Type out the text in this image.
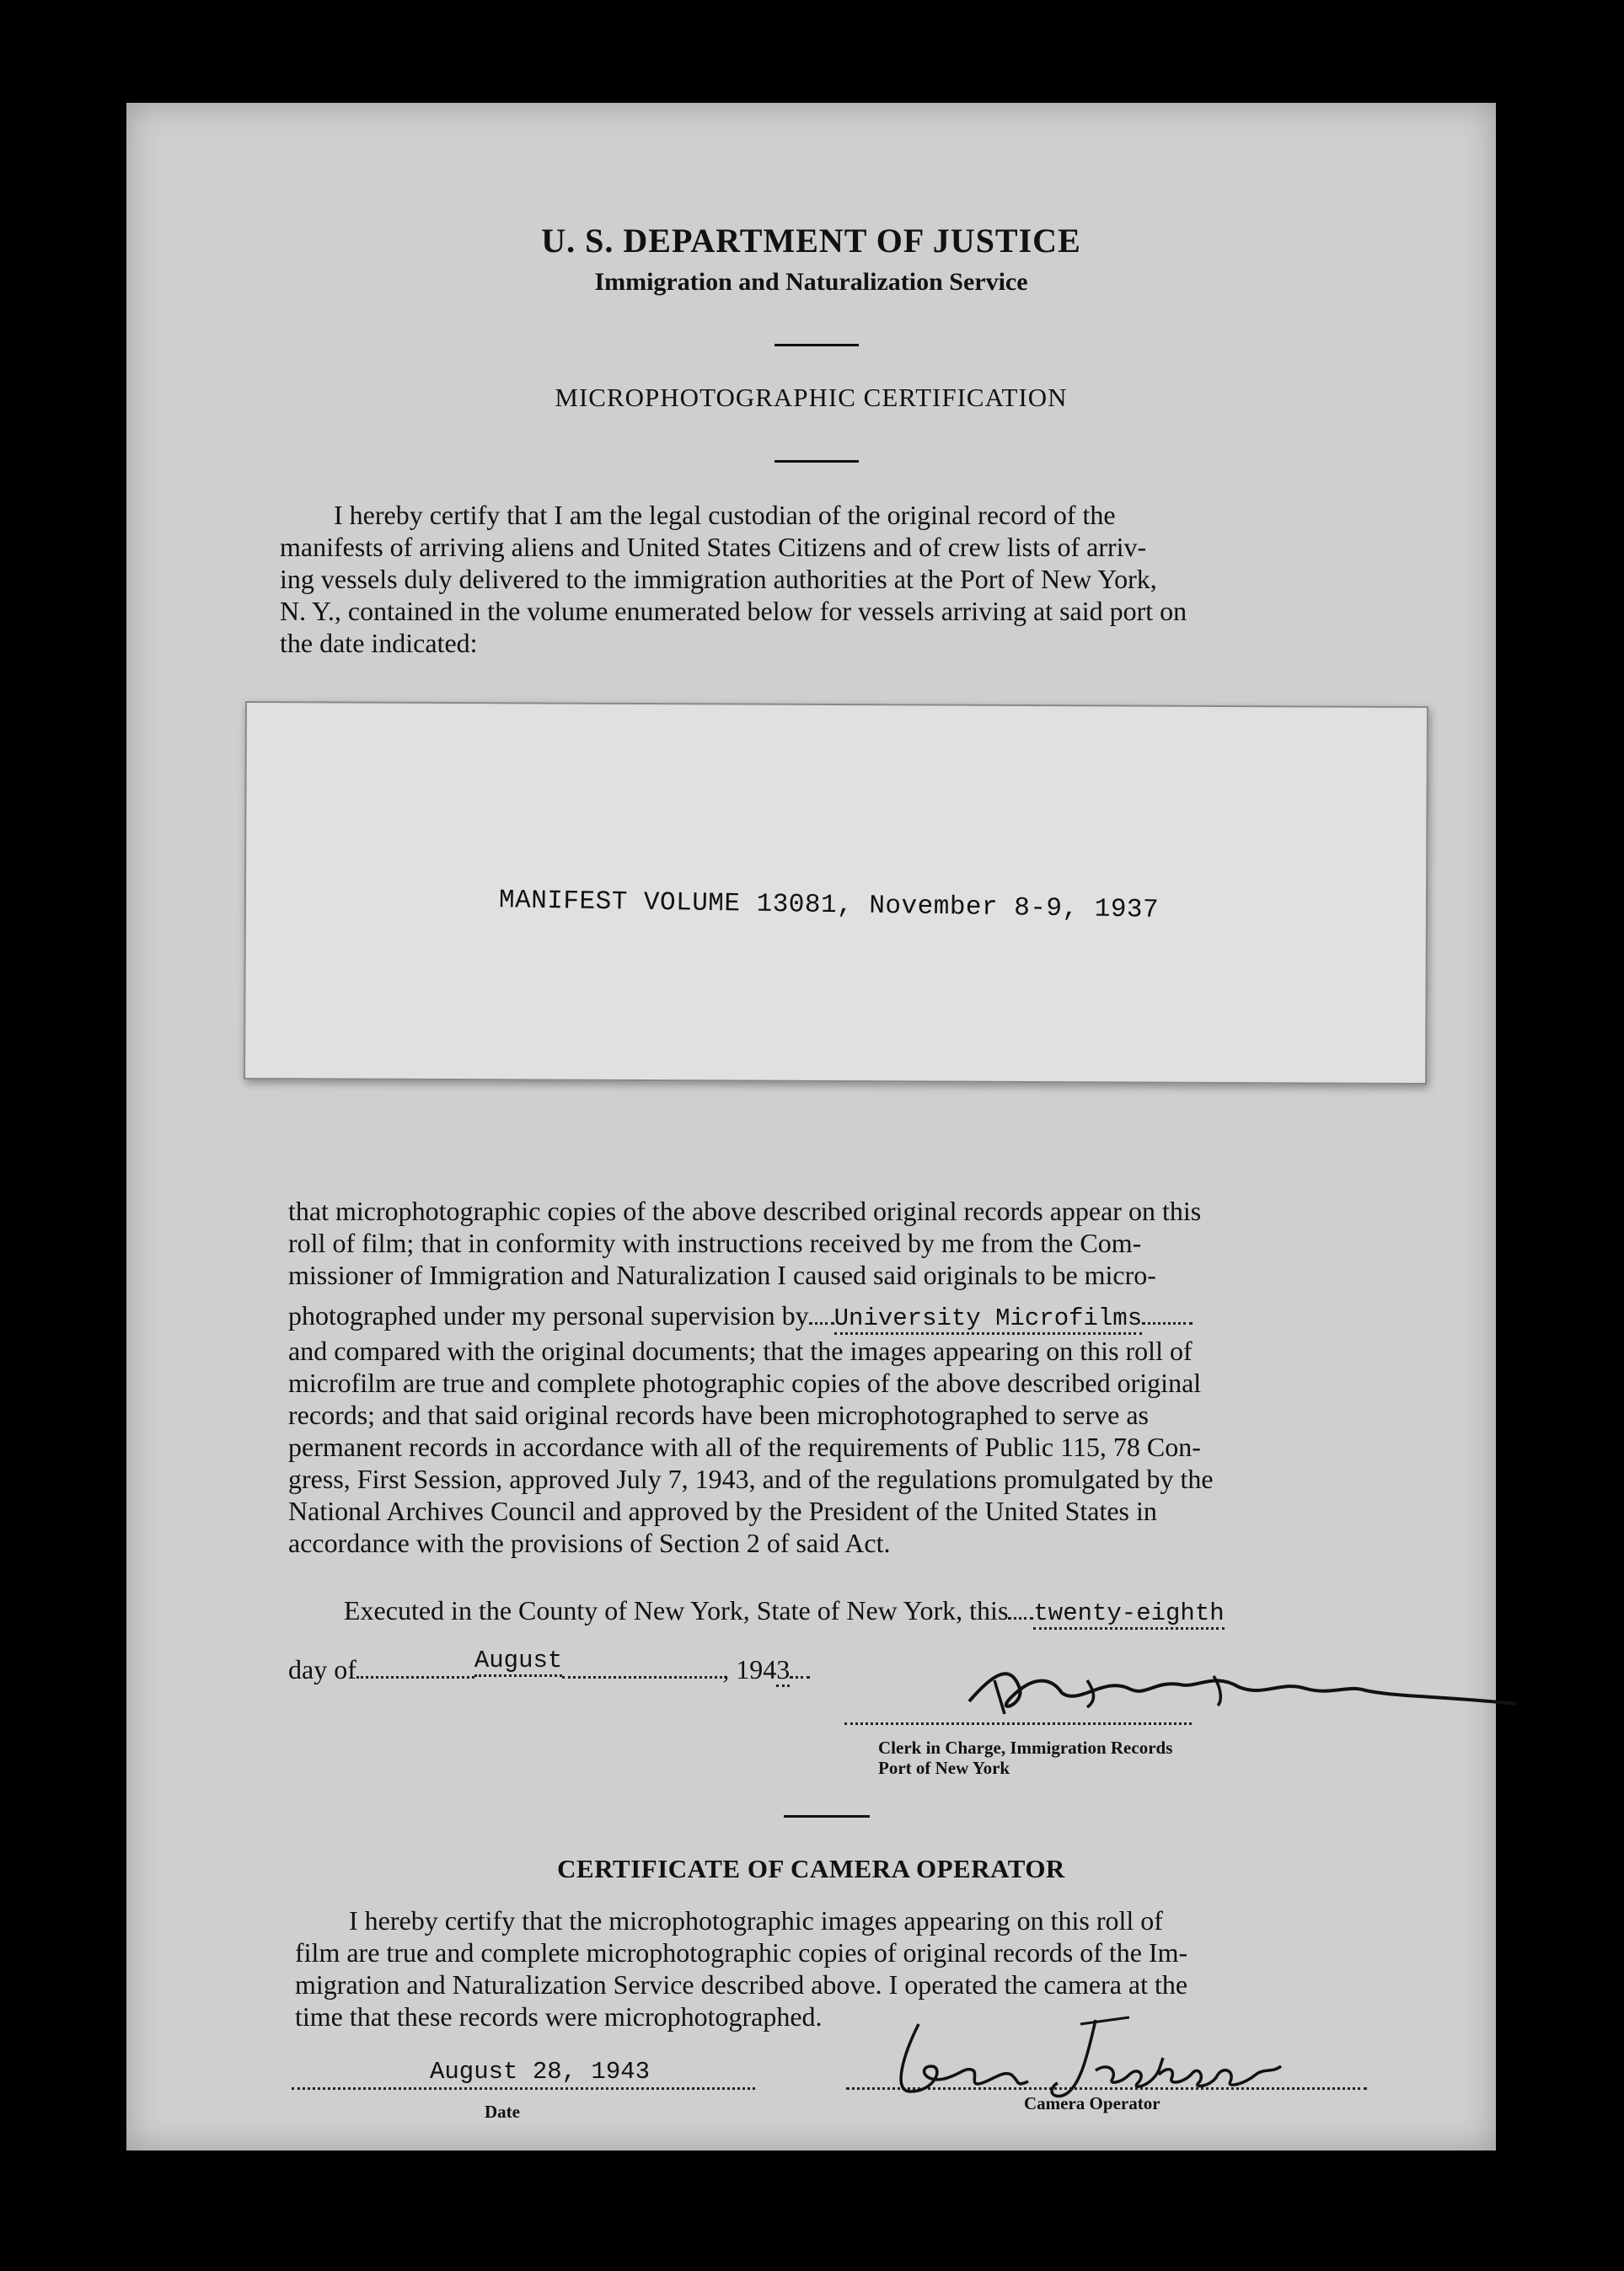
U. S. DEPARTMENT OF JUSTICE
Immigration and Naturalization Service
MICROPHOTOGRAPHIC CERTIFICATION
I hereby certify that I am the legal custodian of the original record of the
manifests of arriving aliens and United States Citizens and of crew lists of arriv-
ing vessels duly delivered to the immigration authorities at the Port of New York,
N. Y., contained in the volume enumerated below for vessels arriving at said port on
the date indicated:
MANIFEST VOLUME 13081, November 8-9, 1937
that microphotographic copies of the above described original records appear on this
roll of film; that in conformity with instructions received by me from the Com-
missioner of Immigration and Naturalization I caused said originals to be micro-
photographed under my personal supervision by University Microfilms
and compared with the original documents; that the images appearing on this roll of
microfilm are true and complete photographic copies of the above described original
records; and that said original records have been microphotographed to serve as
permanent records in accordance with all of the requirements of Public 115, 78 Con-
gress, First Session, approved July 7, 1943, and of the regulations promulgated by the
National Archives Council and approved by the President of the United States in
accordance with the provisions of Section 2 of said Act.
Executed in the County of New York, State of New York, this twenty-eighth
day of	August	, 1943
Clerk in Charge, Immigration Records
Port of New York
CERTIFICATE OF CAMERA OPERATOR
I hereby certify that the microphotographic images appearing on this roll of
film are true and complete microphotographic copies of original records of the Im-
migration and Naturalization Service described above. I operated the camera at the
time that these records were microphotographed.
August 28, 1943
Date	Camera Operator
